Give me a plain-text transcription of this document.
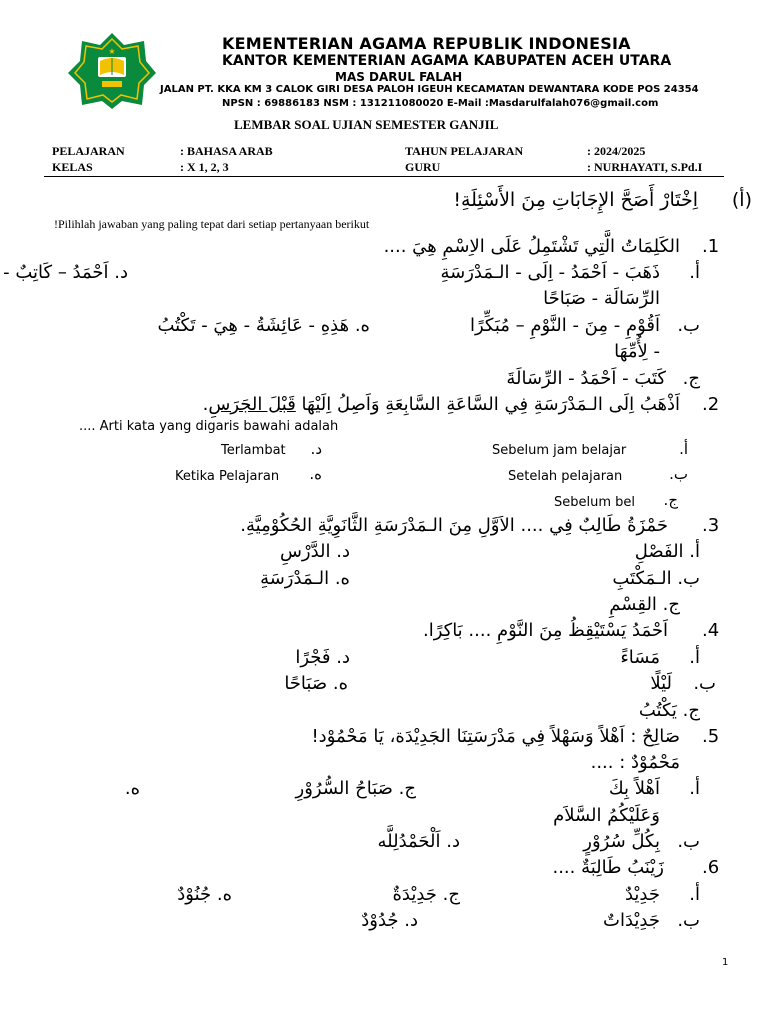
★	KEMENTERIAN AGAMA REPUBLIK INDONESIA
KANTOR KEMENTERIAN AGAMA KABUPATEN ACEH UTARA
MAS DARUL FALAH
JALAN PT. KKA KM 3 CALOK GIRI DESA PALOH IGEUH KECAMATAN DEWANTARA KODE POS 24354
NPSN : 69886183 NSM : 131211080020 E-Mail :Masdarulfalah076@gmail.com
LEMBAR SOAL UJIAN SEMESTER GANJIL
PELAJARAN	: BAHASA ARAB	TAHUN PELAJARAN	: 2024/2025
KELAS	: X 1, 2, 3	GURU	: NURHAYATI, S.Pd.I
(أ)
اِخْتَارْ أَصَحَّ الإِجَابَاتِ مِنَ الأَسْئِلَةِ!
!Pilihlah jawaban yang paling tepat dari setiap pertanyaan berikut
.1
الكَلِمَاتُ الَّتِي تَشْتَمِلُ عَلَى الاِسْمِ هِيَ ....
أ.
ذَهَبَ - اَحْمَدُ - اِلَى - الـمَدْرَسَةِ
د. اَحْمَدُ – كَاتِبٌ -
الرِّسَالَة - صَبَاحًا
ب.
اَقُوْمِ - مِنَ - النَّوْمِ – مُبَكِّرًا
ه. هَذِهِ - عَائِشَةُ - هِيَ - تَكْتُبُ
- لِأُمِّهَا
ج.
كَتَبَ - اَحْمَدُ - الرِّسَالَةَ
.2
اَذْهَبُ اِلَى الـمَدْرَسَةِ فِي السَّاعَةِ السَّابِعَةِ وَاَصِلُ اِلَيْهَا قَبْلَ الجَرَسِ.
.... Arti kata yang digaris bawahi adalah
أ.
Sebelum jam belajar
د.
Terlambat
ب.
Setelah pelajaran
ه.
Ketika Pelajaran
ج.
Sebelum bel
.3
حَمْزَةُ طَالِبٌ فِي .... الاَوَّلِ مِنَ الـمَدْرَسَةِ الثَّانَوِيَّةِ الحُكُوْمِيَّةِ.
أ. الفَصْلِ
د. الدَّرْسِ
ب. الـمَكْتَبِ
ه. الـمَدْرَسَةِ
ج. القِسْمِ
.4
اَحْمَدُ يَسْتَيْقِظُ مِنَ النَّوْمِ .... بَاكِرًا.
أ.
مَسَاءً
د. فَجْرًا
ب.
لَيْلًا
ه. صَبَاحًا
ج. يَكْتُبُ
.5
صَالِحٌ : اَهْلاً وَسَهْلاً فِي مَدْرَسَتِنَا الجَدِيْدَة، يَا مَحْمُوْد!
مَحْمُوْدٌ : ....
أ.
اَهْلاً بِكَ
ج. صَبَاحُ السُّرُوْرِ
ه.
وَعَلَيْكُمُ السَّلاَم
ب.
بِكُلِّ سُرُوْرٍ
د. اَلْحَمْدُلِلَّه
.6
زَيْنَبُ طَالِبَةٌ ....
أ.
جَدِيْدٌ
ج. جَدِيْدَةٌ
ه. جُنُوْدٌ
ب.
جَدِيْدَاتٌ
د. جُدُوْدٌ
1
